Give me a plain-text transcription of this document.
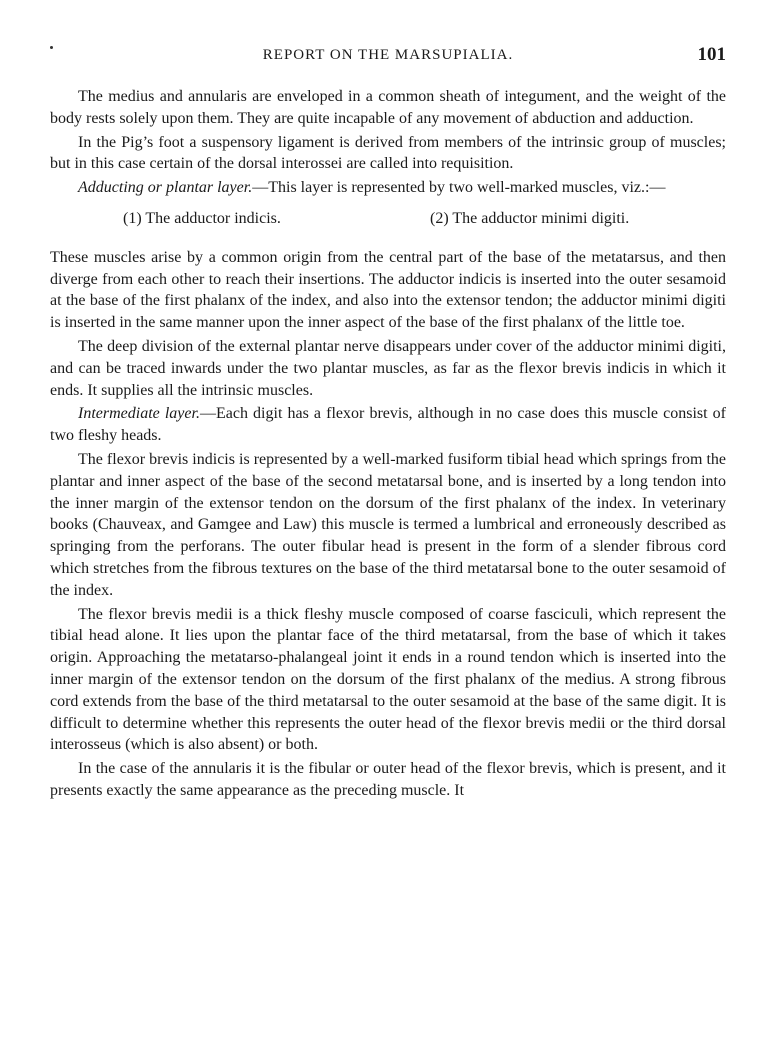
REPORT ON THE MARSUPIALIA.	101

The medius and annularis are enveloped in a common sheath of integument, and the weight of the body rests solely upon them. They are quite incapable of any movement of abduction and adduction.

In the Pig’s foot a suspensory ligament is derived from members of the intrinsic group of muscles; but in this case certain of the dorsal interossei are called into requisition.

Adducting or plantar layer.—This layer is represented by two well-marked muscles, viz.:—

(1) The adductor indicis.	(2) The adductor minimi digiti.

These muscles arise by a common origin from the central part of the base of the metatarsus, and then diverge from each other to reach their insertions. The adductor indicis is inserted into the outer sesamoid at the base of the first phalanx of the index, and also into the extensor tendon; the adductor minimi digiti is inserted in the same manner upon the inner aspect of the base of the first phalanx of the little toe.

The deep division of the external plantar nerve disappears under cover of the adductor minimi digiti, and can be traced inwards under the two plantar muscles, as far as the flexor brevis indicis in which it ends. It supplies all the intrinsic muscles.

Intermediate layer.—Each digit has a flexor brevis, although in no case does this muscle consist of two fleshy heads.

The flexor brevis indicis is represented by a well-marked fusiform tibial head which springs from the plantar and inner aspect of the base of the second metatarsal bone, and is inserted by a long tendon into the inner margin of the extensor tendon on the dorsum of the first phalanx of the index. In veterinary books (Chauveax, and Gamgee and Law) this muscle is termed a lumbrical and erroneously described as springing from the perforans. The outer fibular head is present in the form of a slender fibrous cord which stretches from the fibrous textures on the base of the third metatarsal bone to the outer sesamoid of the index.

The flexor brevis medii is a thick fleshy muscle composed of coarse fasciculi, which represent the tibial head alone. It lies upon the plantar face of the third metatarsal, from the base of which it takes origin. Approaching the metatarso-phalangeal joint it ends in a round tendon which is inserted into the inner margin of the extensor tendon on the dorsum of the first phalanx of the medius. A strong fibrous cord extends from the base of the third metatarsal to the outer sesamoid at the base of the same digit. It is difficult to determine whether this represents the outer head of the flexor brevis medii or the third dorsal interosseus (which is also absent) or both.

In the case of the annularis it is the fibular or outer head of the flexor brevis, which is present, and it presents exactly the same appearance as the preceding muscle. It
